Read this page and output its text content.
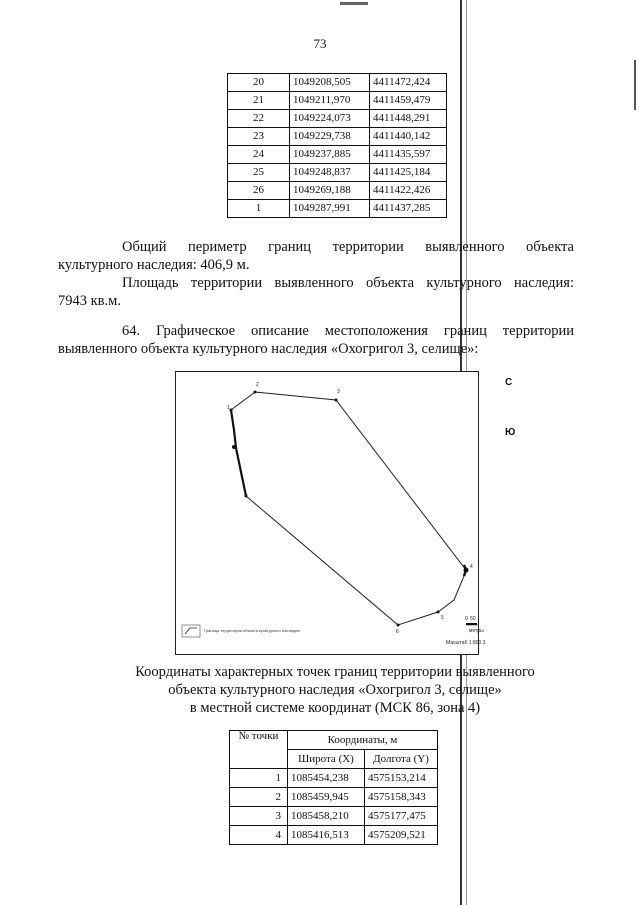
73
20	1049208,505	4411472,424
21	1049211,970	4411459,479
22	1049224,073	4411448,291
23	1049229,738	4411440,142
24	1049237,885	4411435,597
25	1049248,837	4411425,184
26	1049269,188	4411422,426
1	1049287,991	4411437,285
Общий периметр границ территории выявленного объекта
культурного наследия: 406,9 м.
Площадь территории выявленного объекта культурного наследия:
7943 кв.м.
64. Графическое описание местоположения границ территории
выявленного объекта культурного наследия «Охогригол 3, селище»:
1
2
3
4
5
6
С
Ю
Граница территории объекта культурного наследия
0 50
метры
Масштаб 1:800 3
Координаты характерных точек границ территории выявленного
объекта культурного наследия «Охогригол 3, селище»
в местной системе координат (МСК 86, зона 4)
№ точки	Координаты, м	
	Широта (X)	Долгота (Y)
1	1085454,238	4575153,214
2	1085459,945	4575158,343
3	1085458,210	4575177,475
4	1085416,513	4575209,521
